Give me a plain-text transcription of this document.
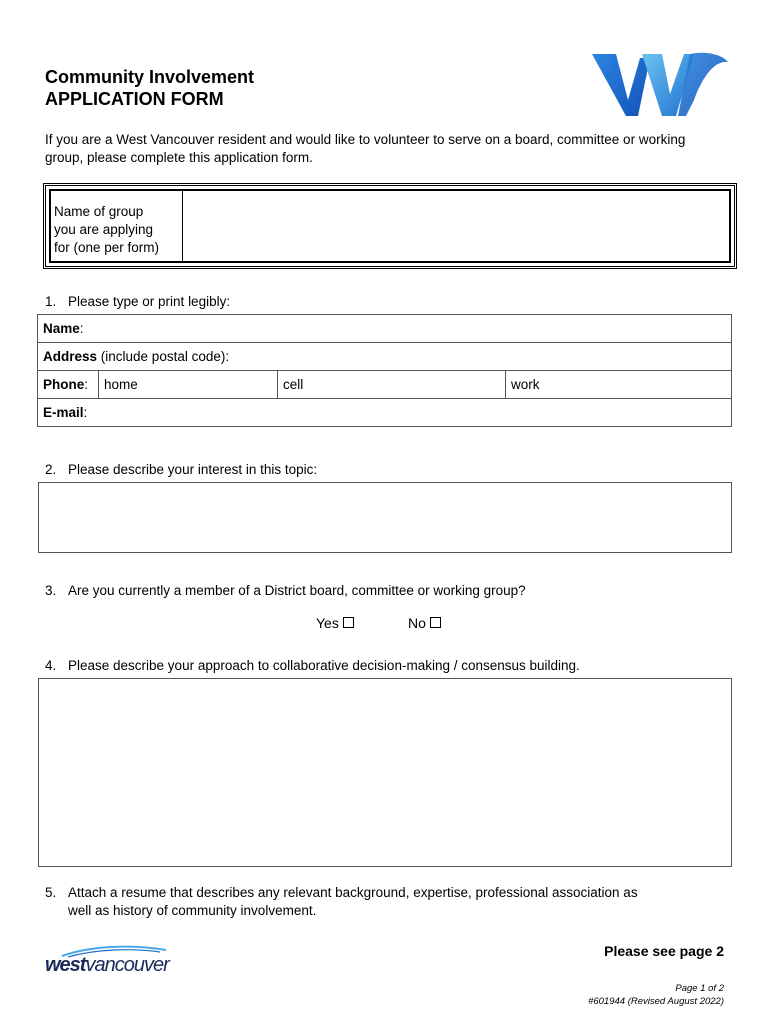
Community Involvement
APPLICATION FORM
If you are a West Vancouver resident and would like to volunteer to serve on a board, committee or working group, please complete this application form.
Name of group
you are applying
for (one per form)
1. Please type or print legibly:
Name:
Address (include postal code):
Phone:	home	cell	work
E-mail:
2. Please describe your interest in this topic:
3. Are you currently a member of a District board, committee or working group?
Yes	No
4. Please describe your approach to collaborative decision-making / consensus building.
5. Attach a resume that describes any relevant background, expertise, professional association as
well as history of community involvement.
westvancouver
Please see page 2
Page 1 of 2
#601944 (Revised August 2022)
